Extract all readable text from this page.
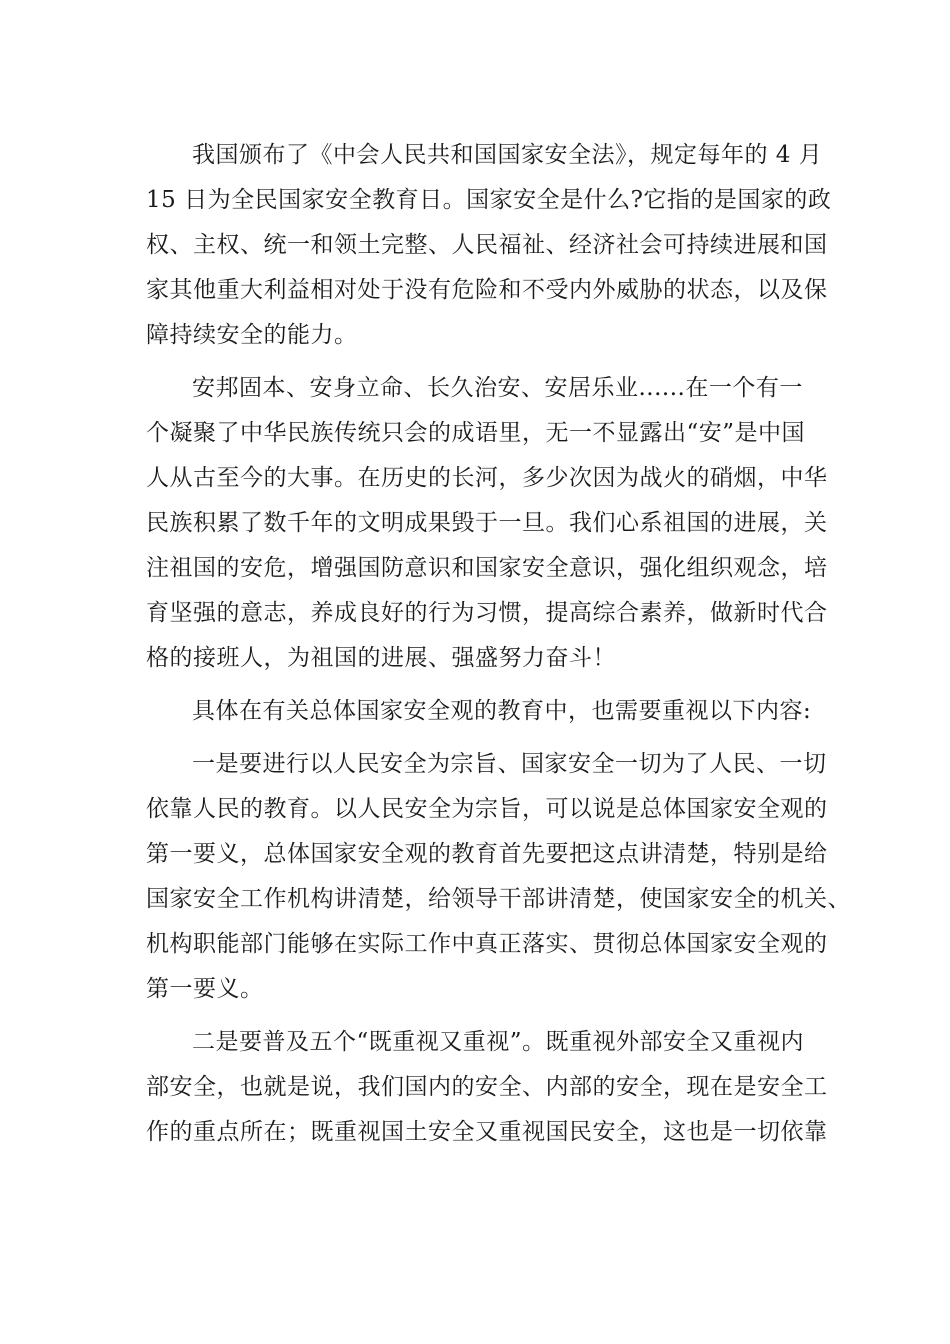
我国颁布了《中会人民共和国国家安全法》，规定每年的 4 月
15 日为全民国家安全教育日。国家安全是什么?它指的是国家的政
权、主权、统一和领土完整、人民福祉、经济社会可持续进展和国
家其他重大利益相对处于没有危险和不受内外威胁的状态，以及保
障持续安全的能力。
安邦固本、安身立命、长久治安、安居乐业......在一个有一
个凝聚了中华民族传统只会的成语里，无一不显露出“安”是中国
人从古至今的大事。在历史的长河，多少次因为战火的硝烟，中华
民族积累了数千年的文明成果毁于一旦。我们心系祖国的进展，关
注祖国的安危，增强国防意识和国家安全意识，强化组织观念，培
育坚强的意志，养成良好的行为习惯，提高综合素养，做新时代合
格的接班人，为祖国的进展、强盛努力奋斗！
具体在有关总体国家安全观的教育中，也需要重视以下内容:
一是要进行以人民安全为宗旨、国家安全一切为了人民、一切
依靠人民的教育。以人民安全为宗旨，可以说是总体国家安全观的
第一要义，总体国家安全观的教育首先要把这点讲清楚，特别是给
国家安全工作机构讲清楚，给领导干部讲清楚，使国家安全的机关、
机构职能部门能够在实际工作中真正落实、贯彻总体国家安全观的
第一要义。
二是要普及五个“既重视又重视”。既重视外部安全又重视内
部安全，也就是说，我们国内的安全、内部的安全，现在是安全工
作的重点所在；既重视国土安全又重视国民安全，这也是一切依靠
